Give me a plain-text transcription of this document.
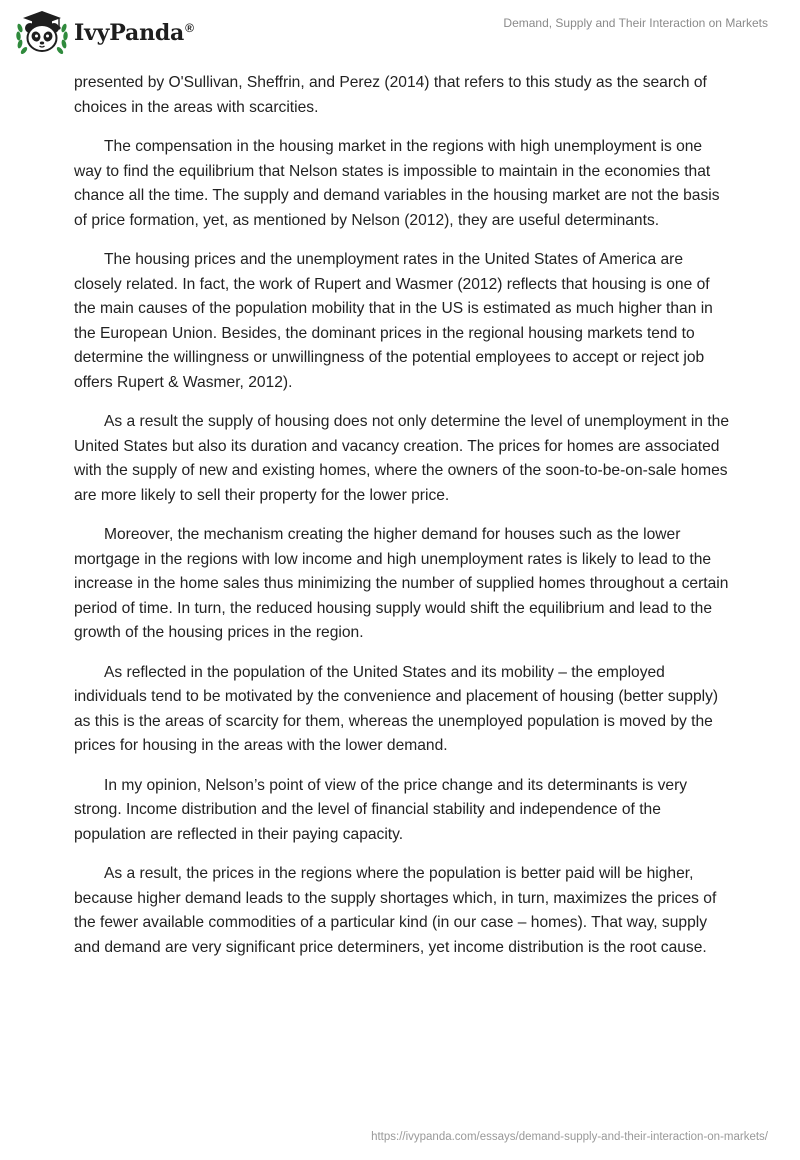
IvyPanda®	Demand, Supply and Their Interaction on Markets

presented by O'Sullivan, Sheffrin, and Perez (2014) that refers to this study as the search of choices in the areas with scarcities.

The compensation in the housing market in the regions with high unemployment is one way to find the equilibrium that Nelson states is impossible to maintain in the economies that chance all the time. The supply and demand variables in the housing market are not the basis of price formation, yet, as mentioned by Nelson (2012), they are useful determinants.

The housing prices and the unemployment rates in the United States of America are closely related. In fact, the work of Rupert and Wasmer (2012) reflects that housing is one of the main causes of the population mobility that in the US is estimated as much higher than in the European Union. Besides, the dominant prices in the regional housing markets tend to determine the willingness or unwillingness of the potential employees to accept or reject job offers Rupert & Wasmer, 2012).

As a result the supply of housing does not only determine the level of unemployment in the United States but also its duration and vacancy creation. The prices for homes are associated with the supply of new and existing homes, where the owners of the soon-to-be-on-sale homes are more likely to sell their property for the lower price.

Moreover, the mechanism creating the higher demand for houses such as the lower mortgage in the regions with low income and high unemployment rates is likely to lead to the increase in the home sales thus minimizing the number of supplied homes throughout a certain period of time. In turn, the reduced housing supply would shift the equilibrium and lead to the growth of the housing prices in the region.

As reflected in the population of the United States and its mobility – the employed individuals tend to be motivated by the convenience and placement of housing (better supply) as this is the areas of scarcity for them, whereas the unemployed population is moved by the prices for housing in the areas with the lower demand.

In my opinion, Nelson’s point of view of the price change and its determinants is very strong. Income distribution and the level of financial stability and independence of the population are reflected in their paying capacity.

As a result, the prices in the regions where the population is better paid will be higher, because higher demand leads to the supply shortages which, in turn, maximizes the prices of the fewer available commodities of a particular kind (in our case – homes). That way, supply and demand are very significant price determiners, yet income distribution is the root cause.

https://ivypanda.com/essays/demand-supply-and-their-interaction-on-markets/
